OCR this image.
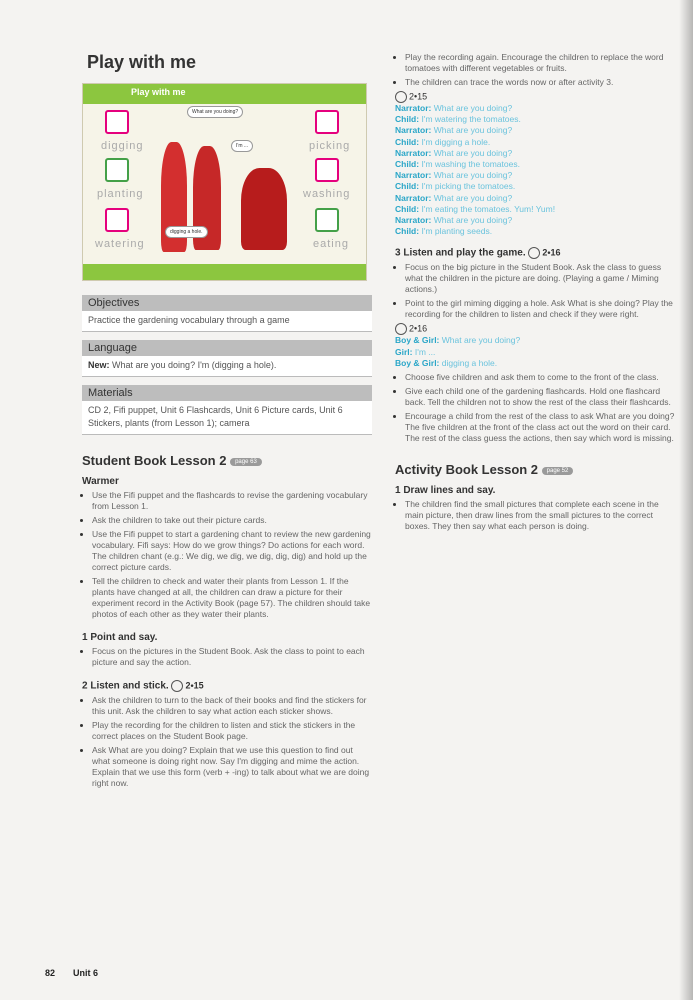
Play with me
Play with me
digging
planting
watering
picking
washing
eating
What are you doing?
I'm ...
digging a hole.
Objectives
Practice the gardening vocabulary through a game
Language
New: What are you doing? I'm (digging a hole).
Materials
CD 2, Fifi puppet, Unit 6 Flashcards, Unit 6 Picture cards, Unit 6 Stickers, plants (from Lesson 1); camera
Student Book Lesson 2 page 63
Warmer
• Use the Fifi puppet and the flashcards to revise the gardening vocabulary from Lesson 1.
• Ask the children to take out their picture cards.
• Use the Fifi puppet to start a gardening chant to review the new gardening vocabulary. Fifi says: How do we grow things? Do actions for each word. The children chant (e.g.: We dig, we dig, we dig, dig, dig) and hold up the correct picture cards.
• Tell the children to check and water their plants from Lesson 1. If the plants have changed at all, the children can draw a picture for their experiment record in the Activity Book (page 57). The children should take photos of each other as they water their plants.
1 Point and say.
• Focus on the pictures in the Student Book. Ask the class to point to each picture and say the action.
2 Listen and stick. 2•15
• Ask the children to turn to the back of their books and find the stickers for this unit. Ask the children to say what action each sticker shows.
• Play the recording for the children to listen and stick the stickers in the correct places on the Student Book page.
• Ask What are you doing? Explain that we use this question to find out what someone is doing right now. Say I'm digging and mime the action. Explain that we use this form (verb + -ing) to talk about what we are doing right now.
• Play the recording again. Encourage the children to replace the word tomatoes with different vegetables or fruits.
• The children can trace the words now or after activity 3.
2•15
Narrator: What are you doing?
Child: I'm watering the tomatoes.
Narrator: What are you doing?
Child: I'm digging a hole.
Narrator: What are you doing?
Child: I'm washing the tomatoes.
Narrator: What are you doing?
Child: I'm picking the tomatoes.
Narrator: What are you doing?
Child: I'm eating the tomatoes. Yum! Yum!
Narrator: What are you doing?
Child: I'm planting seeds.
3 Listen and play the game. 2•16
• Focus on the big picture in the Student Book. Ask the class to guess what the children in the picture are doing. (Playing a game / Miming actions.)
• Point to the girl miming digging a hole. Ask What is she doing? Play the recording for the children to listen and check if they were right.
2•16
Boy & Girl: What are you doing?
Girl: I'm ...
Boy & Girl: digging a hole.
• Choose five children and ask them to come to the front of the class.
• Give each child one of the gardening flashcards. Hold one flashcard back. Tell the children not to show the rest of the class their flashcards.
• Encourage a child from the rest of the class to ask What are you doing? The five children at the front of the class act out the word on their card. The rest of the class guess the actions, then say which word is missing.
Activity Book Lesson 2 page 52
1 Draw lines and say.
• The children find the small pictures that complete each scene in the main picture, then draw lines from the small pictures to the correct boxes. They then say what each person is doing.
82 Unit 6
